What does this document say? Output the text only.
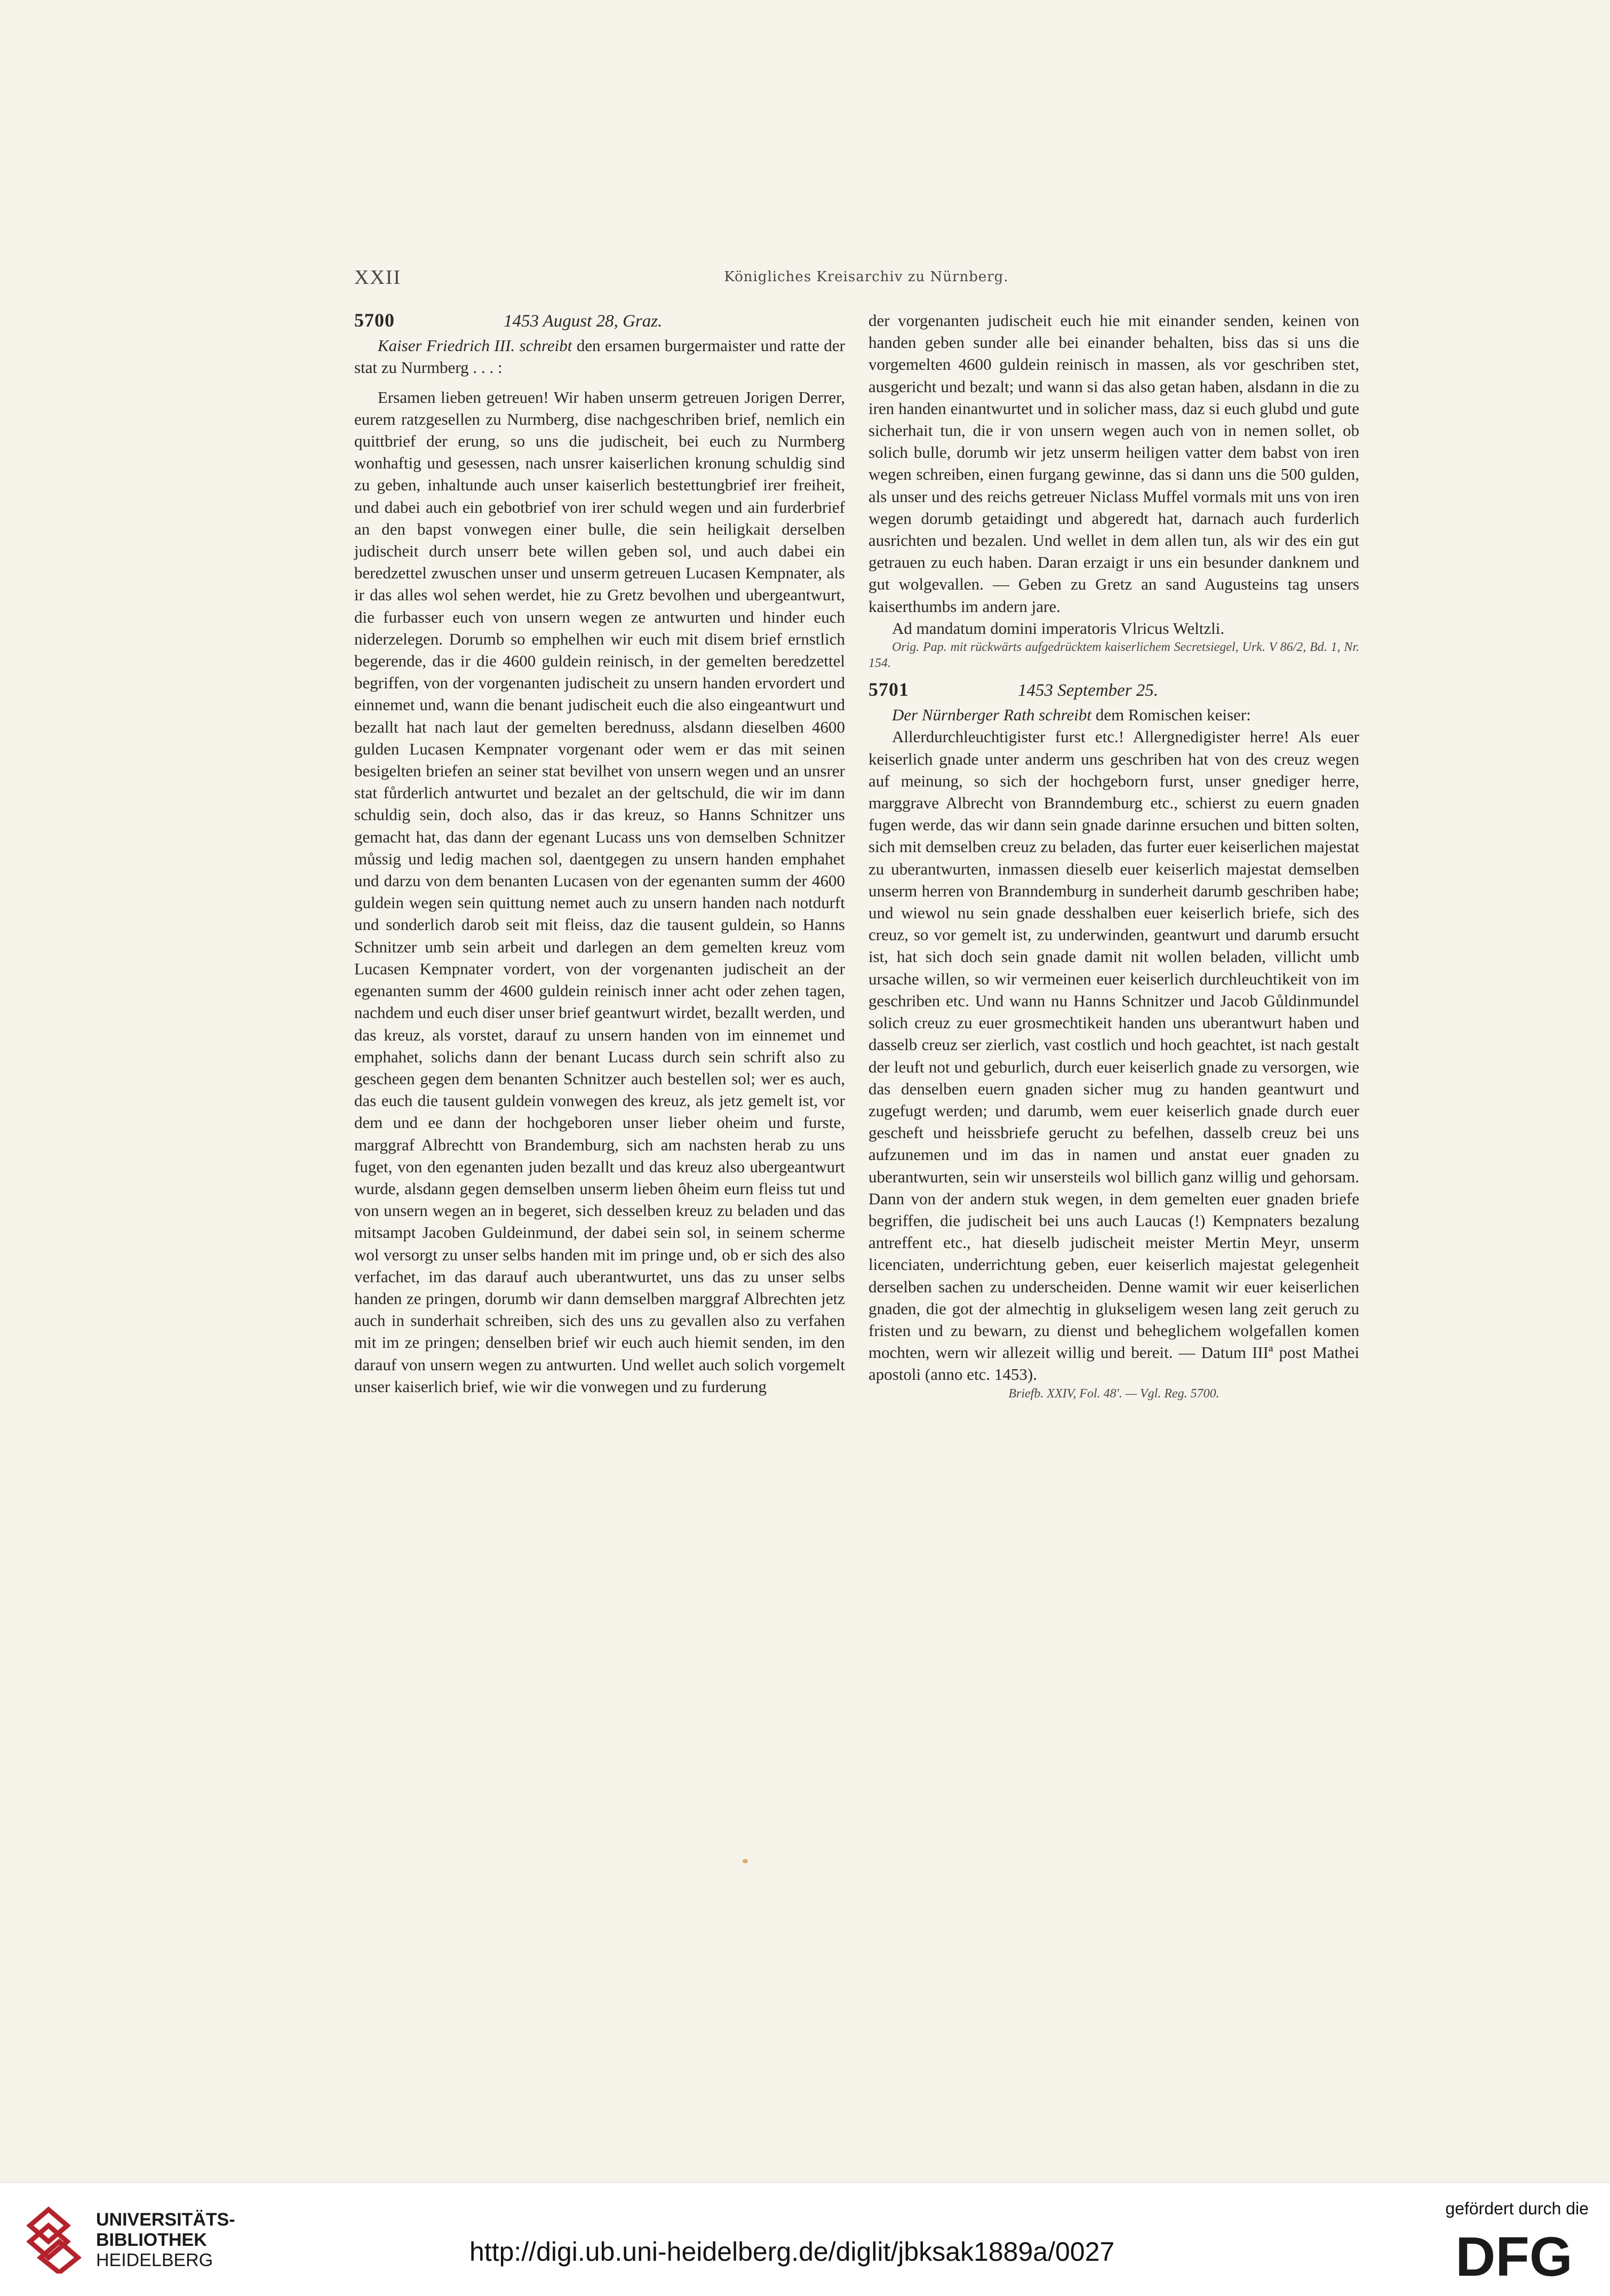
XXII	Königliches Kreisarchiv zu Nürnberg.
5700	1453 August 28, Graz.

Kaiser Friedrich III. schreibt den ersamen burgermaister und ratte der stat zu Nurmberg . . . :

Ersamen lieben getreuen! Wir haben unserm getreuen Jorigen Derrer, eurem ratzgesellen zu Nurmberg, dise nachgeschriben brief, nemlich ein quittbrief der erung, so uns die judischeit, bei euch zu Nurmberg wonhaftig und gesessen, nach unsrer kaiserlichen kronung schuldig sind zu geben, inhaltunde auch unser kaiserlich bestettungbrief irer freiheit, und dabei auch ein gebotbrief von irer schuld wegen und ain furderbrief an den bapst vonwegen einer bulle, die sein heiligkait derselben judischeit durch unserr bete willen geben sol, und auch dabei ein beredzettel zwuschen unser und unserm getreuen Lucasen Kempnater, als ir das alles wol sehen werdet, hie zu Gretz bevolhen und ubergeantwurt, die furbasser euch von unsern wegen ze antwurten und hinder euch niderzelegen. Dorumb so emphelhen wir euch mit disem brief ernstlich begerende, das ir die 4600 guldein reinisch, in der gemelten beredzettel begriffen, von der vorgenanten judischeit zu unsern handen ervordert und einnemet und, wann die benant judischeit euch die also eingeantwurt und bezallt hat nach laut der gemelten berednuss, alsdann dieselben 4600 gulden Lucasen Kempnater vorgenant oder wem er das mit seinen besigelten briefen an seiner stat bevilhet von unsern wegen und an unsrer stat fůrderlich antwurtet und bezalet an der geltschuld, die wir im dann schuldig sein, doch also, das ir das kreuz, so Hanns Schnitzer uns gemacht hat, das dann der egenant Lucass uns von demselben Schnitzer můssig und ledig machen sol, daentgegen zu unsern handen emphahet und darzu von dem benanten Lucasen von der egenanten summ der 4600 guldein wegen sein quittung nemet auch zu unsern handen nach notdurft und sonderlich darob seit mit fleiss, daz die tausent guldein, so Hanns Schnitzer umb sein arbeit und darlegen an dem gemelten kreuz vom Lucasen Kempnater vordert, von der vorgenanten judischeit an der egenanten summ der 4600 guldein reinisch inner acht oder zehen tagen, nachdem und euch diser unser brief geantwurt wirdet, bezallt werden, und das kreuz, als vorstet, darauf zu unsern handen von im einnemet und emphahet, solichs dann der benant Lucass durch sein schrift also zu gescheen gegen dem benanten Schnitzer auch bestellen sol; wer es auch, das euch die tausent guldein vonwegen des kreuz, als jetz gemelt ist, vor dem und ee dann der hochgeboren unser lieber oheim und furste, marggraf Albrechtt von Brandemburg, sich am nachsten herab zu uns fuget, von den egenanten juden bezallt und das kreuz also ubergeantwurt wurde, alsdann gegen demselben unserm lieben ôheim eurn fleiss tut und von unsern wegen an in begeret, sich desselben kreuz zu beladen und das mitsampt Jacoben Guldeinmund, der dabei sein sol, in seinem scherme wol versorgt zu unser selbs handen mit im pringe und, ob er sich des also verfachet, im das darauf auch uberantwurtet, uns das zu unser selbs handen ze pringen, dorumb wir dann demselben marggraf Albrechten jetz auch in sunderhait schreiben, sich des uns zu gevallen also zu verfahen mit im ze pringen; denselben brief wir euch auch hiemit senden, im den darauf von unsern wegen zu antwurten. Und wellet auch solich vorgemelt unser kaiserlich brief, wie wir die vonwegen und zu furderung

der vorgenanten judischeit euch hie mit einander senden, keinen von handen geben sunder alle bei einander behalten, biss das si uns die vorgemelten 4600 guldein reinisch in massen, als vor geschriben stet, ausgericht und bezalt; und wann si das also getan haben, alsdann in die zu iren handen einantwurtet und in solicher mass, daz si euch glubd und gute sicherhait tun, die ir von unsern wegen auch von in nemen sollet, ob solich bulle, dorumb wir jetz unserm heiligen vatter dem babst von iren wegen schreiben, einen furgang gewinne, das si dann uns die 500 gulden, als unser und des reichs getreuer Niclass Muffel vormals mit uns von iren wegen dorumb getaidingt und abgeredt hat, darnach auch furderlich ausrichten und bezalen. Und wellet in dem allen tun, als wir des ein gut getrauen zu euch haben. Daran erzaigt ir uns ein besunder danknem und gut wolgevallen. — Geben zu Gretz an sand Augusteins tag unsers kaiserthumbs im andern jare.

Ad mandatum domini imperatoris Vlricus Weltzli.

Orig. Pap. mit rückwärts aufgedrücktem kaiserlichem Secretsiegel, Urk. V 86/2, Bd. 1, Nr. 154.

5701	1453 September 25.

Der Nürnberger Rath schreibt dem Romischen keiser:

Allerdurchleuchtigister furst etc.! Allergnedigister herre! Als euer keiserlich gnade unter anderm uns geschriben hat von des creuz wegen auf meinung, so sich der hochgeborn furst, unser gnediger herre, marggrave Albrecht von Branndemburg etc., schierst zu euern gnaden fugen werde, das wir dann sein gnade darinne ersuchen und bitten solten, sich mit demselben creuz zu beladen, das furter euer keiserlichen majestat zu uberantwurten, inmassen dieselb euer keiserlich majestat demselben unserm herren von Branndemburg in sunderheit darumb geschriben habe; und wiewol nu sein gnade desshalben euer keiserlich briefe, sich des creuz, so vor gemelt ist, zu underwinden, geantwurt und darumb ersucht ist, hat sich doch sein gnade damit nit wollen beladen, villicht umb ursache willen, so wir vermeinen euer keiserlich durchleuchtikeit von im geschriben etc. Und wann nu Hanns Schnitzer und Jacob Gůldinmundel solich creuz zu euer grosmechtikeit handen uns uberantwurt haben und dasselb creuz ser zierlich, vast costlich und hoch geachtet, ist nach gestalt der leuft not und geburlich, durch euer keiserlich gnade zu versorgen, wie das denselben euern gnaden sicher mug zu handen geantwurt und zugefugt werden; und darumb, wem euer keiserlich gnade durch euer gescheft und heissbriefe gerucht zu befelhen, dasselb creuz bei uns aufzunemen und im das in namen und anstat euer gnaden zu uberantwurten, sein wir unsersteils wol billich ganz willig und gehorsam. Dann von der andern stuk wegen, in dem gemelten euer gnaden briefe begriffen, die judischeit bei uns auch Laucas (!) Kempnaters bezalung antreffent etc., hat dieselb judischeit meister Mertin Meyr, unserm licenciaten, underrichtung geben, euer keiserlich majestat gelegenheit derselben sachen zu underscheiden. Denne wamit wir euer keiserlichen gnaden, die got der almechtig in glukseligem wesen lang zeit geruch zu fristen und zu bewarn, zu dienst und beheglichem wolgefallen komen mochten, wern wir allezeit willig und bereit. — Datum IIIª post Mathei apostoli (anno etc. 1453).

Briefb. XXIV, Fol. 48'. — Vgl. Reg. 5700.

UNIVERSITÄTS-
BIBLIOTHEK
HEIDELBERG	http://digi.ub.uni-heidelberg.de/diglit/jbksak1889a/0027
gefördert durch die
DFG
